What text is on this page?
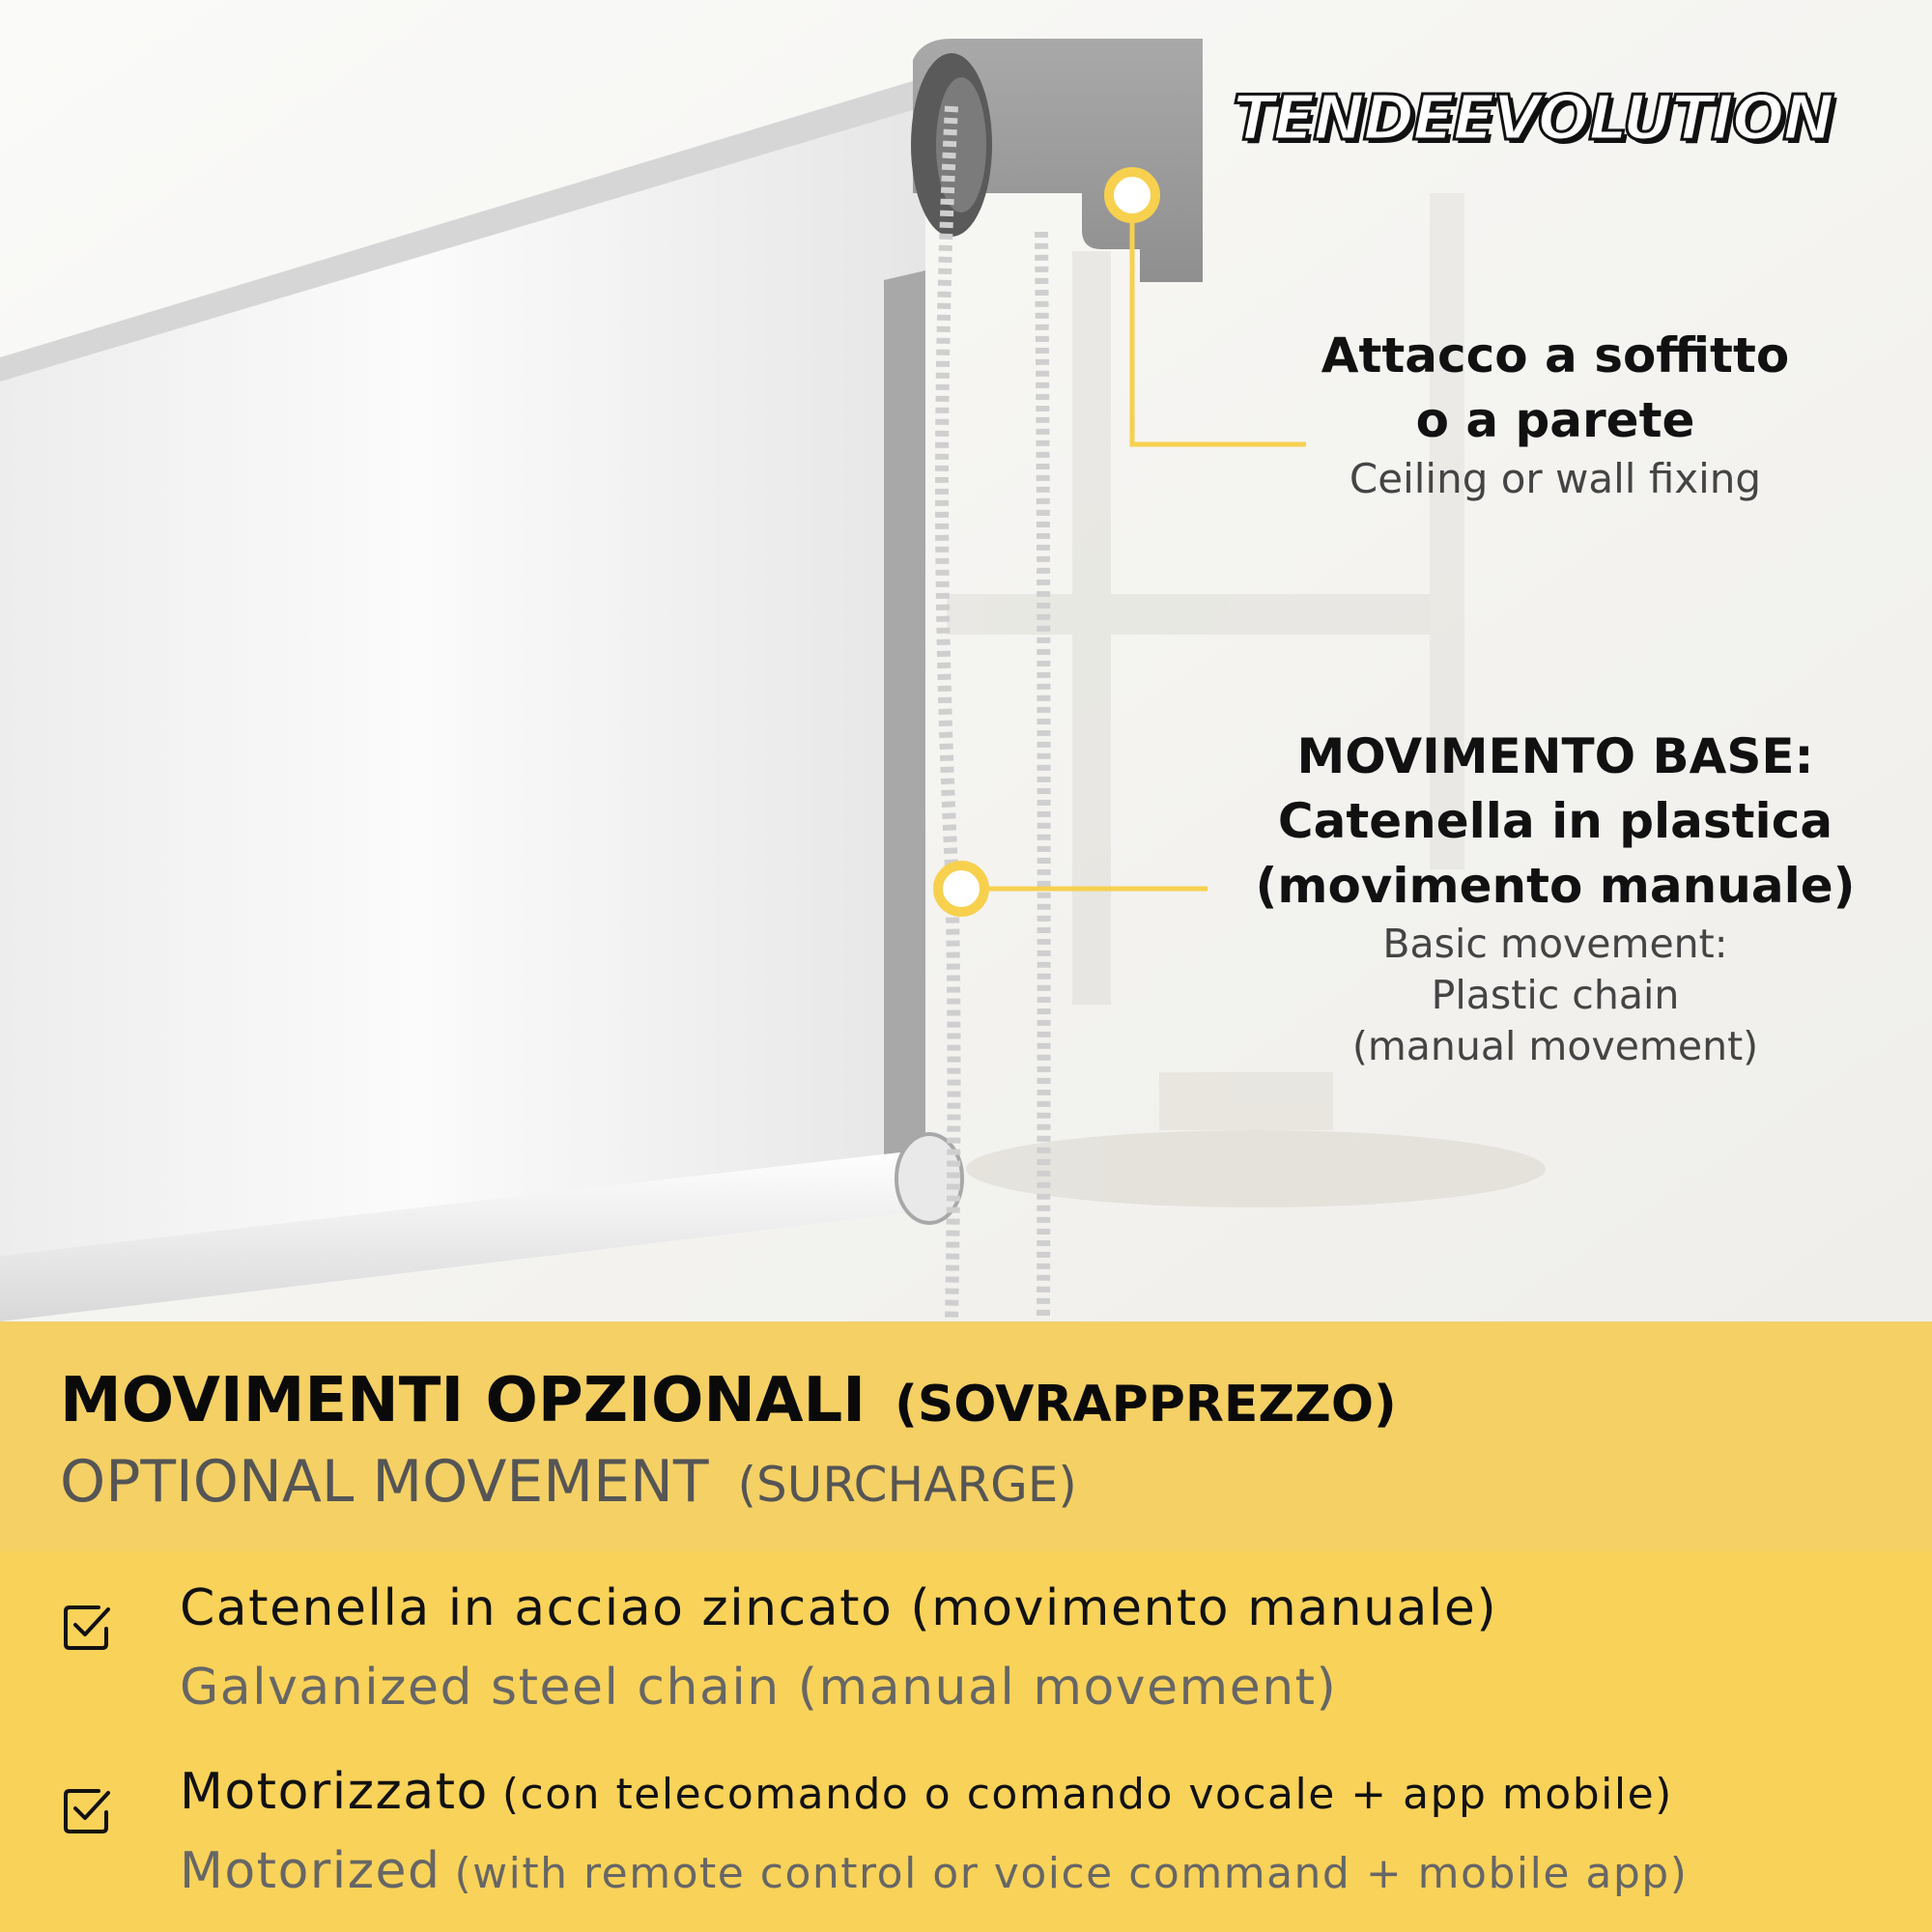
TENDEEVOLUTION
Attacco a soffitto
o a parete
Ceiling or wall fixing
MOVIMENTO BASE:
Catenella in plastica
(movimento manuale)
Basic movement:
Plastic chain
(manual movement)
MOVIMENTI OPZIONALI (SOVRAPPREZZO)
OPTIONAL MOVEMENT (SURCHARGE)
Catenella in acciao zincato (movimento manuale)
Galvanized steel chain (manual movement)
Motorizzato (con telecomando o comando vocale + app mobile)
Motorized (with remote control or voice command + mobile app)
